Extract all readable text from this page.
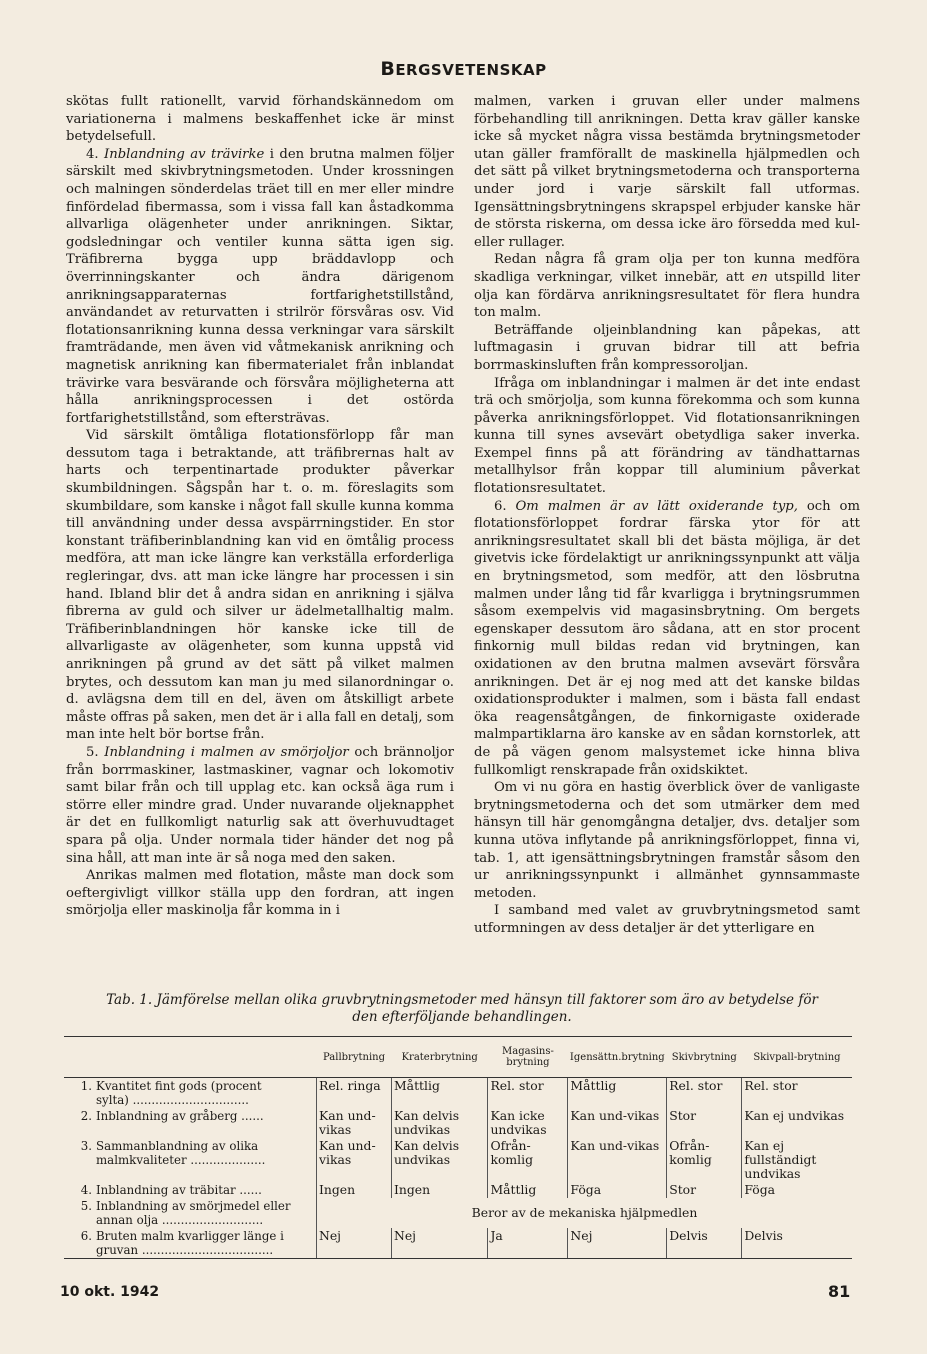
BERGSVETENSKAP

skötas fullt rationellt, varvid förhandskännedom om variationerna i malmens beskaffenhet icke är minst betydelsefull.

4. Inblandning av trävirke i den brutna malmen följer särskilt med skivbrytningsmetoden. Under krossningen och malningen sönderdelas träet till en mer eller mindre finfördelad fibermassa, som i vissa fall kan åstadkomma allvarliga olägenheter under anrikningen. Siktar, godsledningar och ventiler kunna sätta igen sig. Träfibrerna bygga upp bräddavlopp och överrinningskanter och ändra därigenom anrikningsapparaternas fortfarighetstillstånd, användandet av returvatten i strilrör försvåras osv. Vid flotationsanrikning kunna dessa verkningar vara särskilt framträdande, men även vid våtmekanisk anrikning och magnetisk anrikning kan fibermaterialet från inblandat trävirke vara besvärande och försvåra möjligheterna att hålla anrikningsprocessen i det ostörda fortfarighetstillstånd, som eftersträvas.

Vid särskilt ömtåliga flotationsförlopp får man dessutom taga i betraktande, att träfibrernas halt av harts och terpentinartade produkter påverkar skumbildningen. Sågspån har t. o. m. föreslagits som skumbildare, som kanske i något fall skulle kunna komma till användning under dessa avspärrningstider. En stor konstant träfiberinblandning kan vid en ömtålig process medföra, att man icke längre kan verkställa erforderliga regleringar, dvs. att man icke längre har processen i sin hand. Ibland blir det å andra sidan en anrikning i själva fibrerna av guld och silver ur ädelmetallhaltig malm. Träfiberinblandningen hör kanske icke till de allvarligaste av olägenheter, som kunna uppstå vid anrikningen på grund av det sätt på vilket malmen brytes, och dessutom kan man ju med silanordningar o. d. avlägsna dem till en del, även om åtskilligt arbete måste offras på saken, men det är i alla fall en detalj, som man inte helt bör bortse från.

5. Inblandning i malmen av smörjoljor och brännoljor från borrmaskiner, lastmaskiner, vagnar och lokomotiv samt bilar från och till upplag etc. kan också äga rum i större eller mindre grad. Under nuvarande oljeknapphet är det en fullkomligt naturlig sak att överhuvudtaget spara på olja. Under normala tider händer det nog på sina håll, att man inte är så noga med den saken.

Anrikas malmen med flotation, måste man dock som oeftergivligt villkor ställa upp den fordran, att ingen smörjolja eller maskinolja får komma in i

malmen, varken i gruvan eller under malmens förbehandling till anrikningen. Detta krav gäller kanske icke så mycket några vissa bestämda brytningsmetoder utan gäller framförallt de maskinella hjälpmedlen och det sätt på vilket brytningsmetoderna och transporterna under jord i varje särskilt fall utformas. Igensättningsbrytningens skrapspel erbjuder kanske här de största riskerna, om dessa icke äro försedda med kul- eller rullager.

Redan några få gram olja per ton kunna medföra skadliga verkningar, vilket innebär, att en utspilld liter olja kan fördärva anrikningsresultatet för flera hundra ton malm.

Beträffande oljeinblandning kan påpekas, att luftmagasin i gruvan bidrar till att befria borrmaskinsluften från kompressoroljan.

Ifråga om inblandningar i malmen är det inte endast trä och smörjolja, som kunna förekomma och som kunna påverka anrikningsförloppet. Vid flotationsanrikningen kunna till synes avsevärt obetydliga saker inverka. Exempel finns på att förändring av tändhattarnas metallhylsor från koppar till aluminium påverkat flotationsresultatet.

6. Om malmen är av lätt oxiderande typ, och om flotationsförloppet fordrar färska ytor för att anrikningsresultatet skall bli det bästa möjliga, är det givetvis icke fördelaktigt ur anrikningssynpunkt att välja en brytningsmetod, som medför, att den lösbrutna malmen under lång tid får kvarligga i brytningsrummen såsom exempelvis vid magasinsbrytning. Om bergets egenskaper dessutom äro sådana, att en stor procent finkornig mull bildas redan vid brytningen, kan oxidationen av den brutna malmen avsevärt försvåra anrikningen. Det är ej nog med att det kanske bildas oxidationsprodukter i malmen, som i bästa fall endast öka reagensåtgången, de finkornigaste oxiderade malmpartiklarna äro kanske av en sådan kornstorlek, att de på vägen genom malsystemet icke hinna bliva fullkomligt renskrapade från oxidskiktet.

Om vi nu göra en hastig överblick över de vanligaste brytningsmetoderna och det som utmärker dem med hänsyn till här genomgångna detaljer, dvs. detaljer som kunna utöva inflytande på anrikningsförloppet, finna vi, tab. 1, att igensättningsbrytningen framstår såsom den ur anrikningssynpunkt i allmänhet gynnsammaste metoden.

I samband med valet av gruvbrytningsmetod samt utformningen av dess detaljer är det ytterligare en

Tab. 1. Jämförelse mellan olika gruvbrytningsmetoder med hänsyn till faktorer som äro av betydelse för
den efterföljande behandlingen.
	Pallbrytning	Kraterbrytning	Magasins-brytning	Igensättn.brytning	Skivbrytning	Skivpall-brytning
1. Kvantitet fint gods (procent
sylta) ...............................	Rel. ringa	Måttlig	Rel. stor	Måttlig	Rel. stor	Rel. stor
2. Inblandning av gråberg ......	Kan und-vikas	Kan delvis undvikas	Kan icke undvikas	Kan und-vikas	Stor	Kan ej undvikas
3. Sammanblandning av olika
malmkvaliteter ....................	Kan und-vikas	Kan delvis undvikas	Ofrån-komlig	Kan und-vikas	Ofrån-komlig	Kan ej fullständigt undvikas
4. Inblandning av träbitar ......	Ingen	Ingen	Måttlig	Föga	Stor	Föga
5. Inblandning av smörjmedel eller
annan olja ...........................	Beror av de mekaniska hjälpmedlen					
6. Bruten malm kvarligger länge i
gruvan ...................................	Nej	Nej	Ja	Nej	Delvis	Delvis
10 okt. 1942	81
